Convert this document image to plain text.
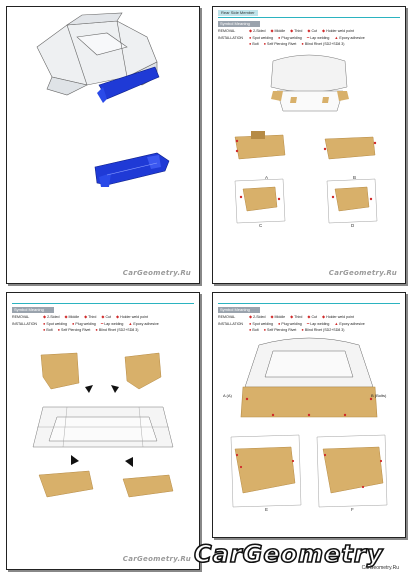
CarGeometry.Ru
Rear Side Member
Symbol Meaning
REMOVAL	◆ 2-Sided ◆ Middle ◆ Third ◆ Cut ◆ Holder weld point
INSTALLATION ● Spot welding ● Plug welding ━ Lap welding ▲ Epoxy adhesive
● Bolt ● Self Piercing Rivet ● Blind Rivet (SD2+SD8 3)
A	B
C	D
CarGeometry.Ru
Symbol Meaning
REMOVAL	◆ 2-Sided ◆ Middle ◆ Third ◆ Cut ◆ Holder weld point
INSTALLATION ● Spot welding ● Plug welding ━ Lap welding ▲ Epoxy adhesive
● Bolt ● Self Piercing Rivet ● Blind Rivet (SD2+SD8 3)
CarGeometry.Ru
Symbol Meaning
REMOVAL	◆ 2-Sided ◆ Middle ◆ Third ◆ Cut ◆ Holder weld point
INSTALLATION ● Spot welding ● Plug welding ━ Lap welding ▲ Epoxy adhesive
● Bolt ● Self Piercing Rivet ● Blind Rivet (SD2+SD8 3)
A (A)	B (Bolts)
E	F
CarGeometry
CarGeometry.Ru
